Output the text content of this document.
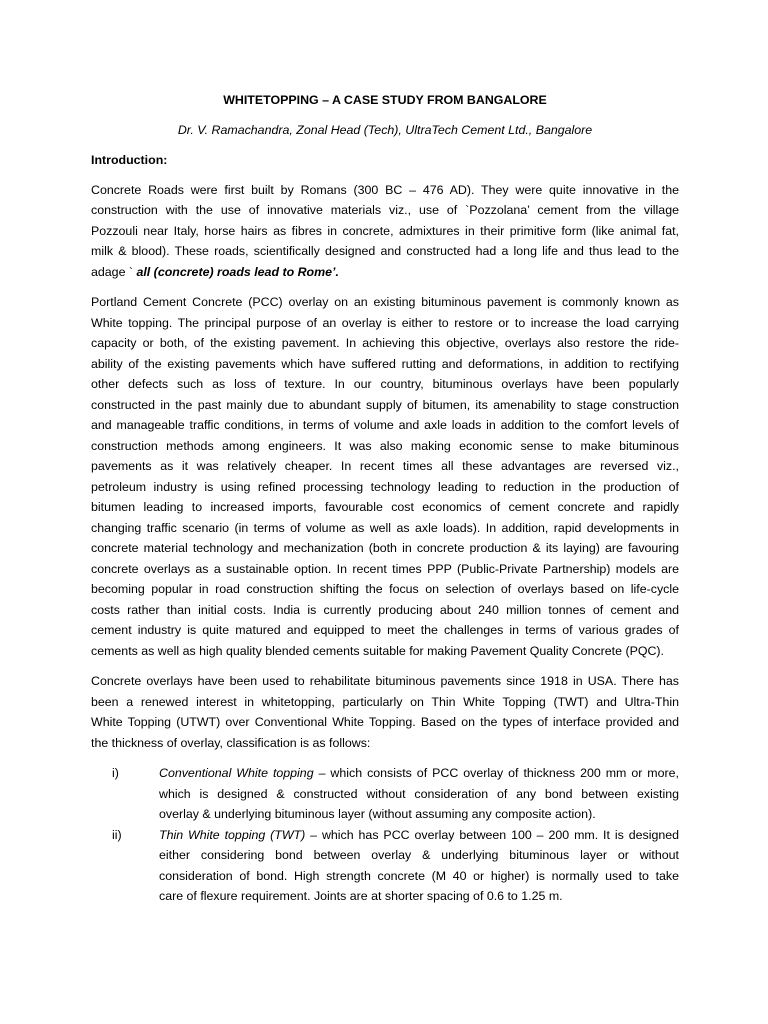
WHITETOPPING – A CASE STUDY FROM BANGALORE
Dr. V. Ramachandra, Zonal Head (Tech), UltraTech Cement Ltd., Bangalore
Introduction:

Concrete Roads were first built by Romans (300 BC – 476 AD). They were quite innovative in the
construction with the use of innovative materials viz., use of `Pozzolana’ cement from the village
Pozzouli near Italy, horse hairs as fibres in concrete, admixtures in their primitive form (like animal fat,
milk & blood). These roads, scientifically designed and constructed had a long life and thus lead to the
adage ` all (concrete) roads lead to Rome’.

Portland Cement Concrete (PCC) overlay on an existing bituminous pavement is commonly known as
White topping. The principal purpose of an overlay is either to restore or to increase the load carrying
capacity or both, of the existing pavement. In achieving this objective, overlays also restore the ride-
ability of the existing pavements which have suffered rutting and deformations, in addition to rectifying
other defects such as loss of texture. In our country, bituminous overlays have been popularly
constructed in the past mainly due to abundant supply of bitumen, its amenability to stage construction
and manageable traffic conditions, in terms of volume and axle loads in addition to the comfort levels of
construction methods among engineers. It was also making economic sense to make bituminous
pavements as it was relatively cheaper. In recent times all these advantages are reversed viz.,
petroleum industry is using refined processing technology leading to reduction in the production of
bitumen leading to increased imports, favourable cost economics of cement concrete and rapidly
changing traffic scenario (in terms of volume as well as axle loads). In addition, rapid developments in
concrete material technology and mechanization (both in concrete production & its laying) are favouring
concrete overlays as a sustainable option. In recent times PPP (Public-Private Partnership) models are
becoming popular in road construction shifting the focus on selection of overlays based on life-cycle
costs rather than initial costs. India is currently producing about 240 million tonnes of cement and
cement industry is quite matured and equipped to meet the challenges in terms of various grades of
cements as well as high quality blended cements suitable for making Pavement Quality Concrete (PQC).

Concrete overlays have been used to rehabilitate bituminous pavements since 1918 in USA. There has
been a renewed interest in whitetopping, particularly on Thin White Topping (TWT) and Ultra-Thin
White Topping (UTWT) over Conventional White Topping. Based on the types of interface provided and
the thickness of overlay, classification is as follows:

i)	Conventional White topping – which consists of PCC overlay of thickness 200 mm or more,
which is designed & constructed without consideration of any bond between existing
overlay & underlying bituminous layer (without assuming any composite action).
ii)	Thin White topping (TWT) – which has PCC overlay between 100 – 200 mm. It is designed
either considering bond between overlay & underlying bituminous layer or without
consideration of bond. High strength concrete (M 40 or higher) is normally used to take
care of flexure requirement. Joints are at shorter spacing of 0.6 to 1.25 m.
